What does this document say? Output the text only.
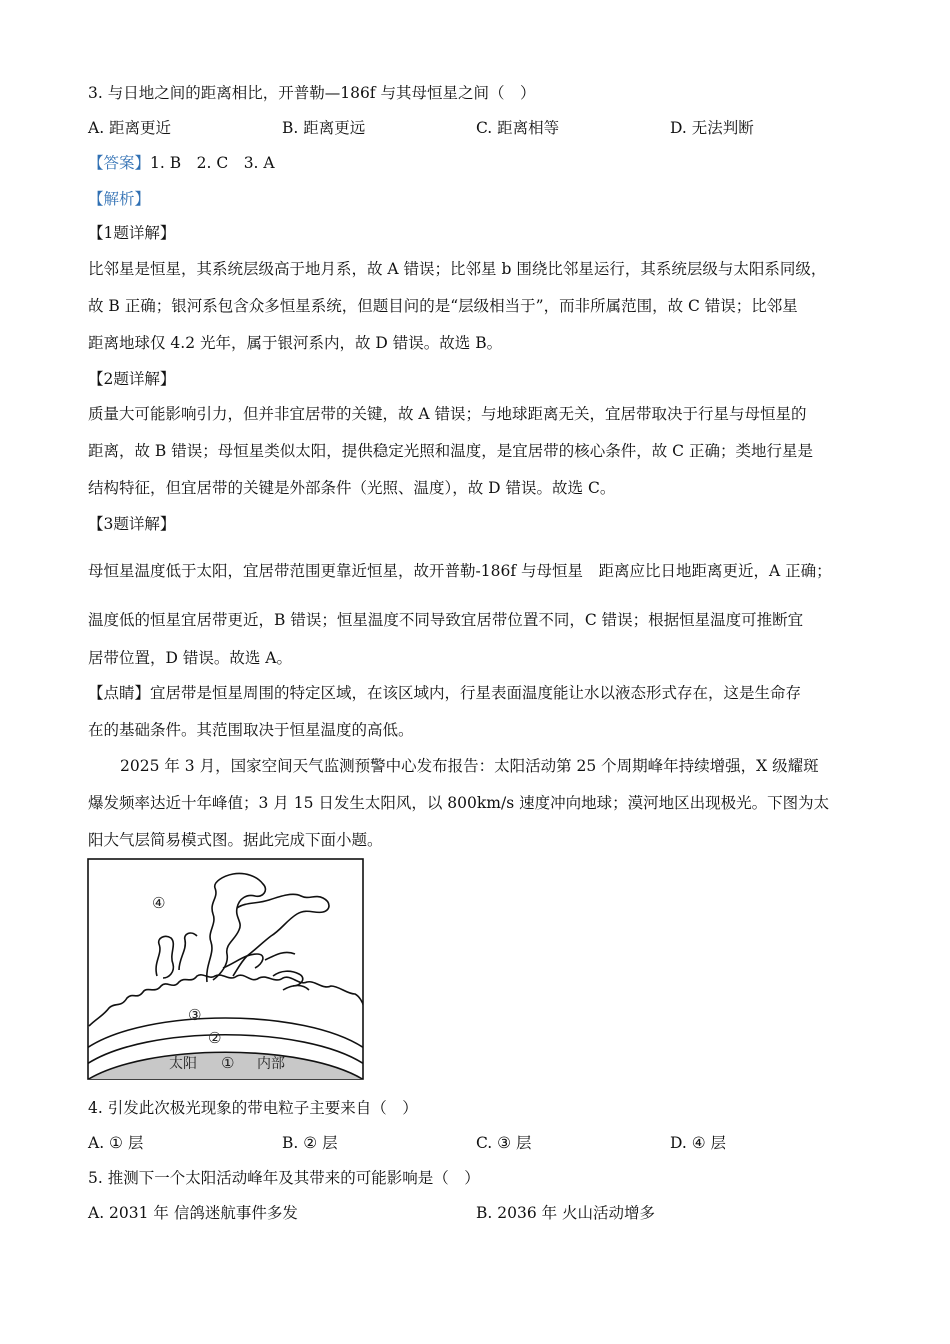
3. 与日地之间的距离相比，开普勒—186f 与其母恒星之间（　）
A. 距离更近	B. 距离更远	C. 距离相等	D. 无法判断
【答案】1. B　2. C　3. A
【解析】
【1题详解】
比邻星是恒星，其系统层级高于地月系，故 A 错误；比邻星 b 围绕比邻星运行，其系统层级与太阳系同级，
故 B 正确；银河系包含众多恒星系统，但题目问的是“层级相当于”，而非所属范围，故 C 错误；比邻星
距离地球仅 4.2 光年，属于银河系内，故 D 错误。故选 B。
【2题详解】
质量大可能影响引力，但并非宜居带的关键，故 A 错误；与地球距离无关，宜居带取决于行星与母恒星的
距离，故 B 错误；母恒星类似太阳，提供稳定光照和温度，是宜居带的核心条件，故 C 正确；类地行星是
结构特征，但宜居带的关键是外部条件（光照、温度），故 D 错误。故选 C。
【3题详解】
母恒星温度低于太阳，宜居带范围更靠近恒星，故开普勒-186f 与母恒星　距离应比日地距离更近，A 正确；
温度低的恒星宜居带更近，B 错误；恒星温度不同导致宜居带位置不同，C 错误；根据恒星温度可推断宜
居带位置，D 错误。故选 A。
【点睛】宜居带是恒星周围的特定区域，在该区域内，行星表面温度能让水以液态形式存在，这是生命存
在的基础条件。其范围取决于恒星温度的高低。
2025 年 3 月，国家空间天气监测预警中心发布报告：太阳活动第 25 个周期峰年持续增强，X 级耀斑
爆发频率达近十年峰值；3 月 15 日发生太阳风，以 800km/s 速度冲向地球；漠河地区出现极光。下图为太
阳大气层简易模式图。据此完成下面小题。
④
③
②
太阳 ① 内部
4. 引发此次极光现象的带电粒子主要来自（　）
A. ① 层	B. ② 层	C. ③ 层	D. ④ 层
5. 推测下一个太阳活动峰年及其带来的可能影响是（　）
A. 2031 年 信鸽迷航事件多发	B. 2036 年 火山活动增多
